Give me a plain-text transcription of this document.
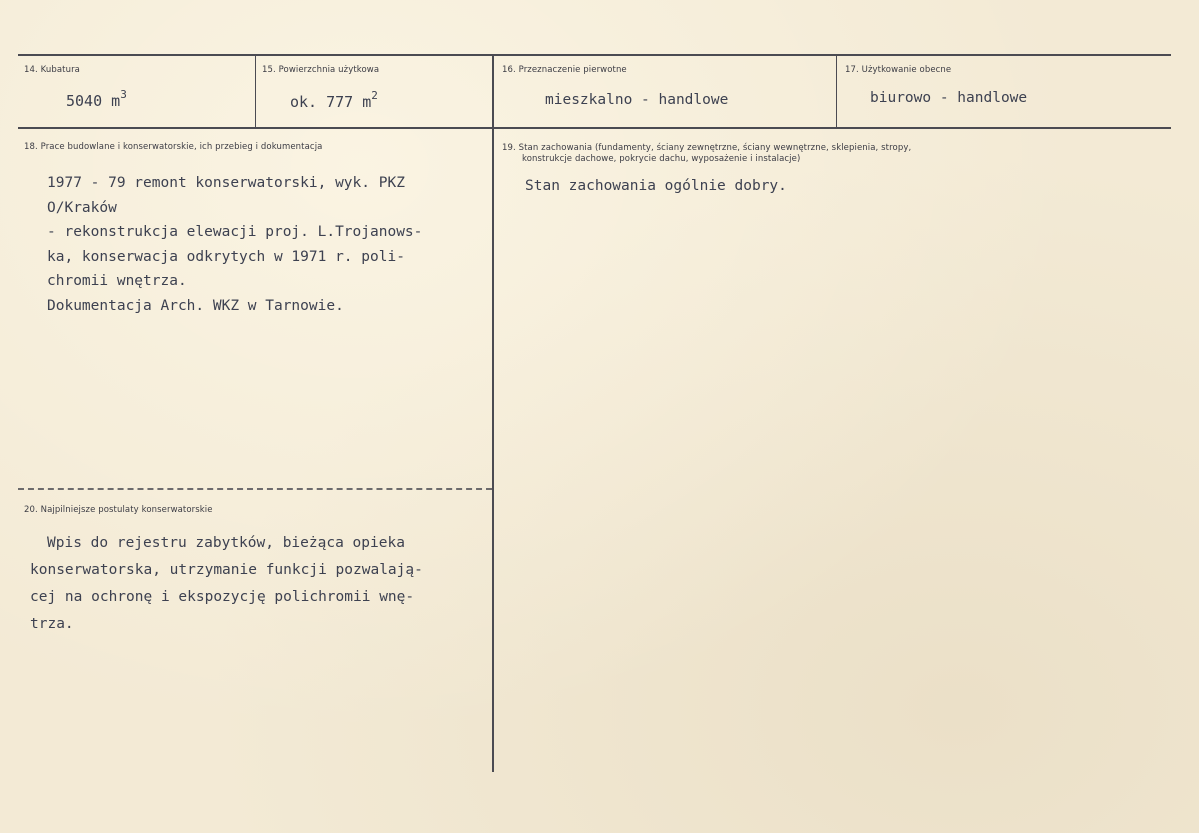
14. Kubatura
5040 $m^3$
15. Powierzchnia użytkowa
ok. 777 $m^2$
16. Przeznaczenie pierwotne
mieszkalno - handlowe
17. Użytkowanie obecne
biurowo - handlowe
18. Prace budowlane i konserwatorskie, ich przebieg i dokumentacja
1977 - 79 remont konserwatorski, wyk. PKZ
O/Kraków
- rekonstrukcja elewacji proj. L.Trojanows-
ka, konserwacja odkrytych w 1971 r. poli-
chromii wnętrza.
Dokumentacja Arch. WKZ w Tarnowie.
19. Stan zachowania (fundamenty, ściany zewnętrzne, ściany wewnętrzne, sklepienia, stropy,
konstrukcje dachowe, pokrycie dachu, wyposażenie i instalacje)
Stan zachowania ogólnie dobry.
20. Najpilniejsze postulaty konserwatorskie
Wpis do rejestru zabytków, bieżąca opieka
konserwatorska, utrzymanie funkcji pozwalają-
cej na ochronę i ekspozycję polichromii wnę-
trza.
